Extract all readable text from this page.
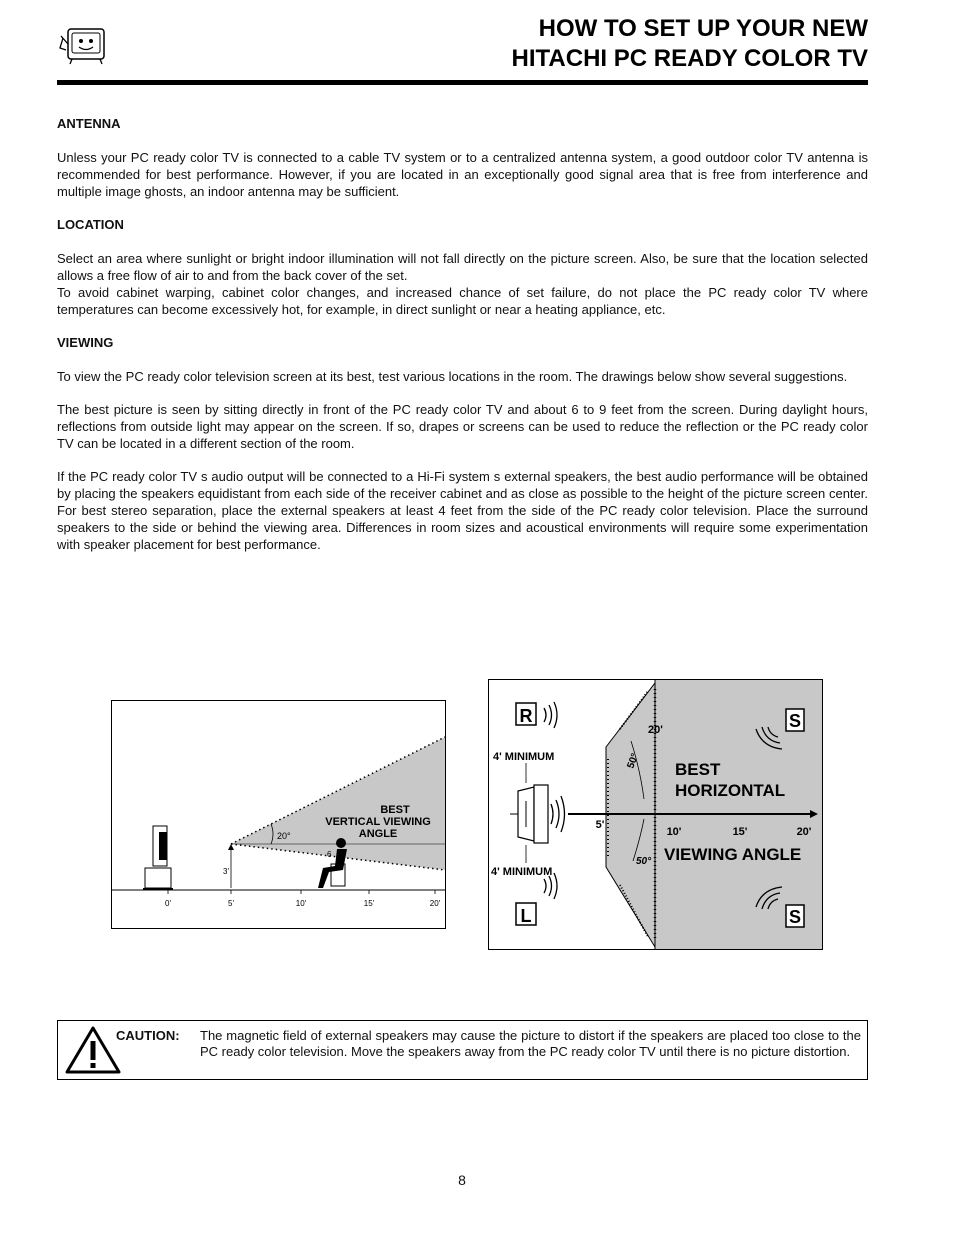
HOW TO SET UP YOUR NEW
HITACHI PC READY COLOR TV

ANTENNA

Unless your PC ready color TV is connected to a cable TV system or to a centralized antenna system, a good outdoor color TV antenna is recommended for best performance. However, if you are located in an exceptionally good signal area that is free from interference and multiple image ghosts, an indoor antenna may be sufficient.

LOCATION

Select an area where sunlight or bright indoor illumination will not fall directly on the picture screen. Also, be sure that the location selected allows a free flow of air to and from the back cover of the set.

To avoid cabinet warping, cabinet color changes, and increased chance of set failure, do not place the PC ready color TV where temperatures can become excessively hot, for example, in direct sunlight or near a heating appliance, etc.

VIEWING

To view the PC ready color television screen at its best, test various locations in the room. The drawings below show several suggestions.

The best picture is seen by sitting directly in front of the PC ready color TV and about 6 to 9 feet from the screen. During daylight hours, reflections from outside light may appear on the screen. If so, drapes or screens can be used to reduce the reflection or the PC ready color TV can be located in a different section of the room.

If the PC ready color TV s audio output will be connected to a Hi-Fi system s external speakers, the best audio performance will be obtained by placing the speakers equidistant from each side of the receiver cabinet and as close as possible to the height of the picture screen center. For best stereo separation, place the external speakers at least 4 feet from the side of the PC ready color television. Place the surround speakers to the side or behind the viewing area. Differences in room sizes and acoustical environments will require some experimentation with speaker placement for best performance.

20°
BEST
VERTICAL VIEWING
ANGLE
6
3'
0'	5'	10'	15'	20'
5'
10'	15'	20'
R
L
4' MINIMUM
4' MINIMUM
S
S
BEST
HORIZONTAL
VIEWING ANGLE
50°
50°
20'
CAUTION: The magnetic field of external speakers may cause the picture to distort if the speakers are placed too close to the PC ready color television. Move the speakers away from the PC ready color TV until there is no picture distortion.
8
